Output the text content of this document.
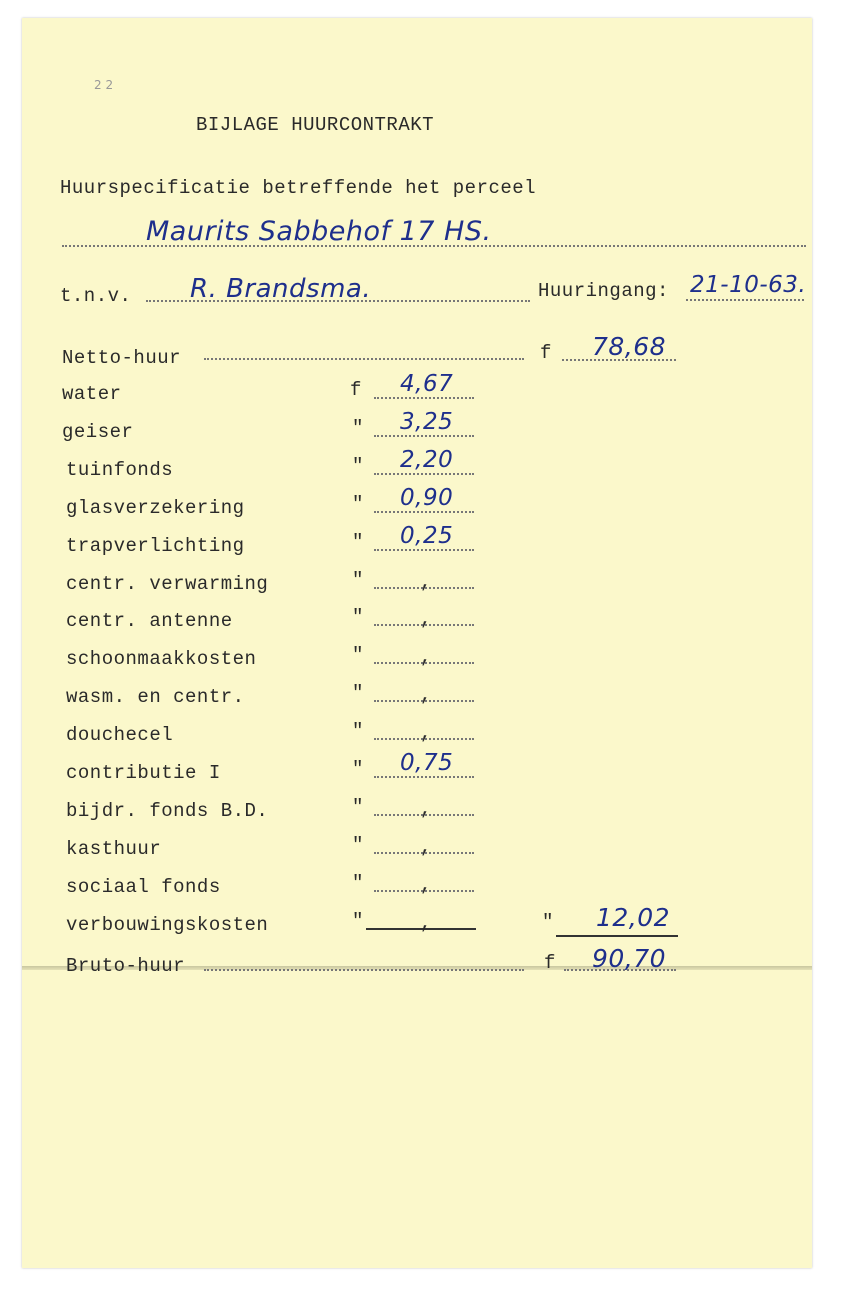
2 2
BIJLAGE HUURCONTRAKT
Huurspecificatie betreffende het perceel
Maurits Sabbehof 17 HS.
t.n.v. R. Brandsma.	Huuringang: 21-10-63.
Netto-huur	f 78,68
water	f 4,67
geiser	" 3,25
tuinfonds	" 2,20
glasverzekering	" 0,90
trapverlichting	" 0,25
centr. verwarming	"	,
centr. antenne	"	,
schoonmaakkosten	"	,
wasm. en centr.	"	,
douchecel	"	,
contributie I	" 0,75
bijdr. fonds B.D.	"	,
kasthuur	"	,
sociaal fonds	"	,
verbouwingskosten	"	,	" 12,02
Bruto-huur	f 90,70
